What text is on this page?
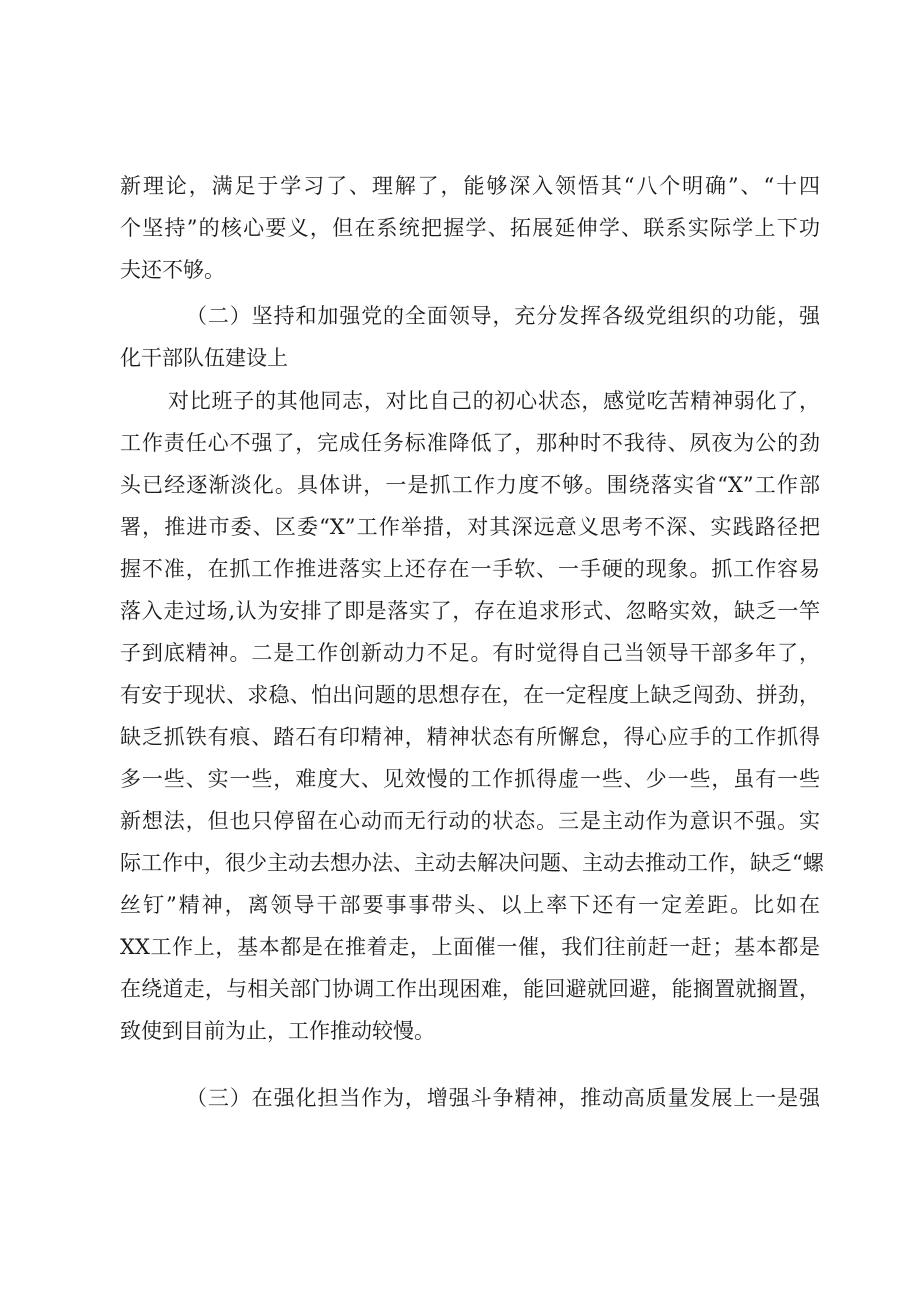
新理论，满足于学习了、理解了，能够深入领悟其“八个明确”、“十四
个坚持”的核心要义，但在系统把握学、拓展延伸学、联系实际学上下功
夫还不够。
（二）坚持和加强党的全面领导，充分发挥各级党组织的功能，强
化干部队伍建设上
对比班子的其他同志，对比自己的初心状态，感觉吃苦精神弱化了，
工作责任心不强了，完成任务标准降低了，那种时不我待、夙夜为公的劲
头已经逐渐淡化。具体讲，一是抓工作力度不够。围绕落实省“X”工作部
署，推进市委、区委“X”工作举措，对其深远意义思考不深、实践路径把
握不准，在抓工作推进落实上还存在一手软、一手硬的现象。抓工作容易
落入走过场,认为安排了即是落实了，存在追求形式、忽略实效，缺乏一竿
子到底精神。二是工作创新动力不足。有时觉得自己当领导干部多年了，
有安于现状、求稳、怕出问题的思想存在，在一定程度上缺乏闯劲、拼劲，
缺乏抓铁有痕、踏石有印精神，精神状态有所懈怠，得心应手的工作抓得
多一些、实一些，难度大、见效慢的工作抓得虚一些、少一些，虽有一些
新想法，但也只停留在心动而无行动的状态。三是主动作为意识不强。实
际工作中，很少主动去想办法、主动去解决问题、主动去推动工作，缺乏“螺
丝钉”精神，离领导干部要事事带头、以上率下还有一定差距。比如在
XX工作上，基本都是在推着走，上面催一催，我们往前赶一赶；基本都是
在绕道走，与相关部门协调工作出现困难，能回避就回避，能搁置就搁置，
致使到目前为止，工作推动较慢。
（三）在强化担当作为，增强斗争精神，推动高质量发展上一是强
